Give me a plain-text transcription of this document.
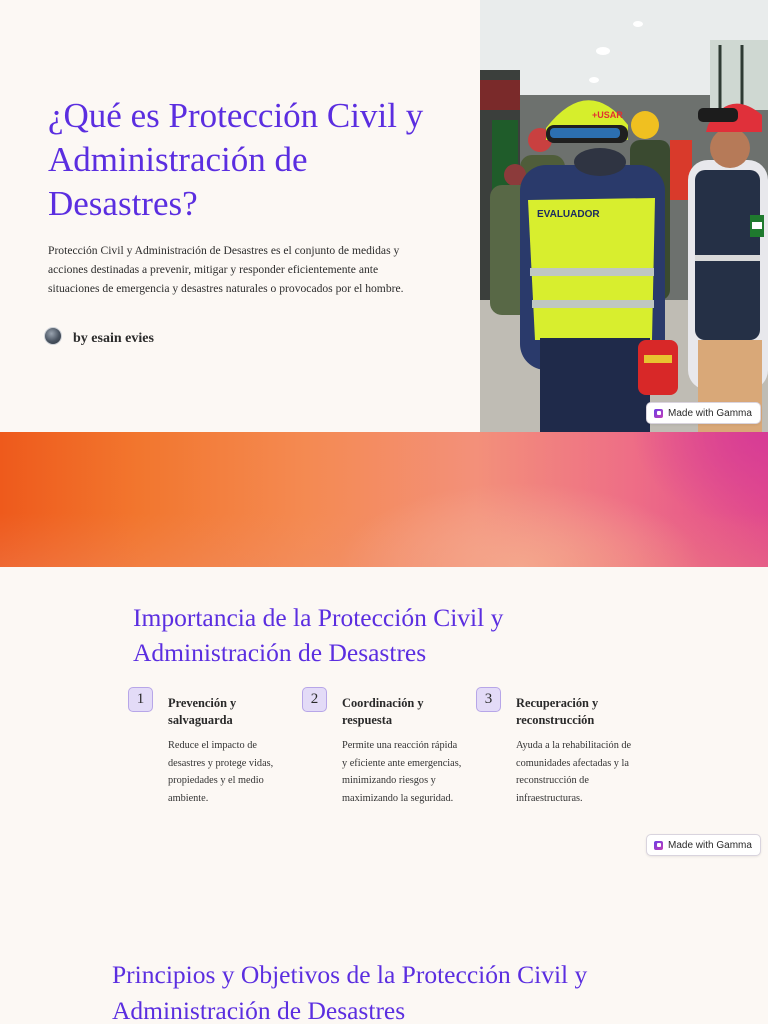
¿Qué es Protección Civil y Administración de Desastres?

Protección Civil y Administración de Desastres es el conjunto de medidas y acciones destinadas a prevenir, mitigar y responder eficientemente ante situaciones de emergencia y desastres naturales o provocados por el hombre.

by esain evies
EVALUADOR
+USAR
Made with Gamma
Importancia de la Protección Civil y Administración de Desastres
1	Prevención y salvaguarda
Reduce el impacto de desastres y protege vidas, propiedades y el medio ambiente.
2	Coordinación y respuesta
Permite una reacción rápida y eficiente ante emergencias, minimizando riesgos y maximizando la seguridad.
3	Recuperación y reconstrucción
Ayuda a la rehabilitación de comunidades afectadas y la reconstrucción de infraestructuras.
Made with Gamma
Principios y Objetivos de la Protección Civil y Administración de Desastres
